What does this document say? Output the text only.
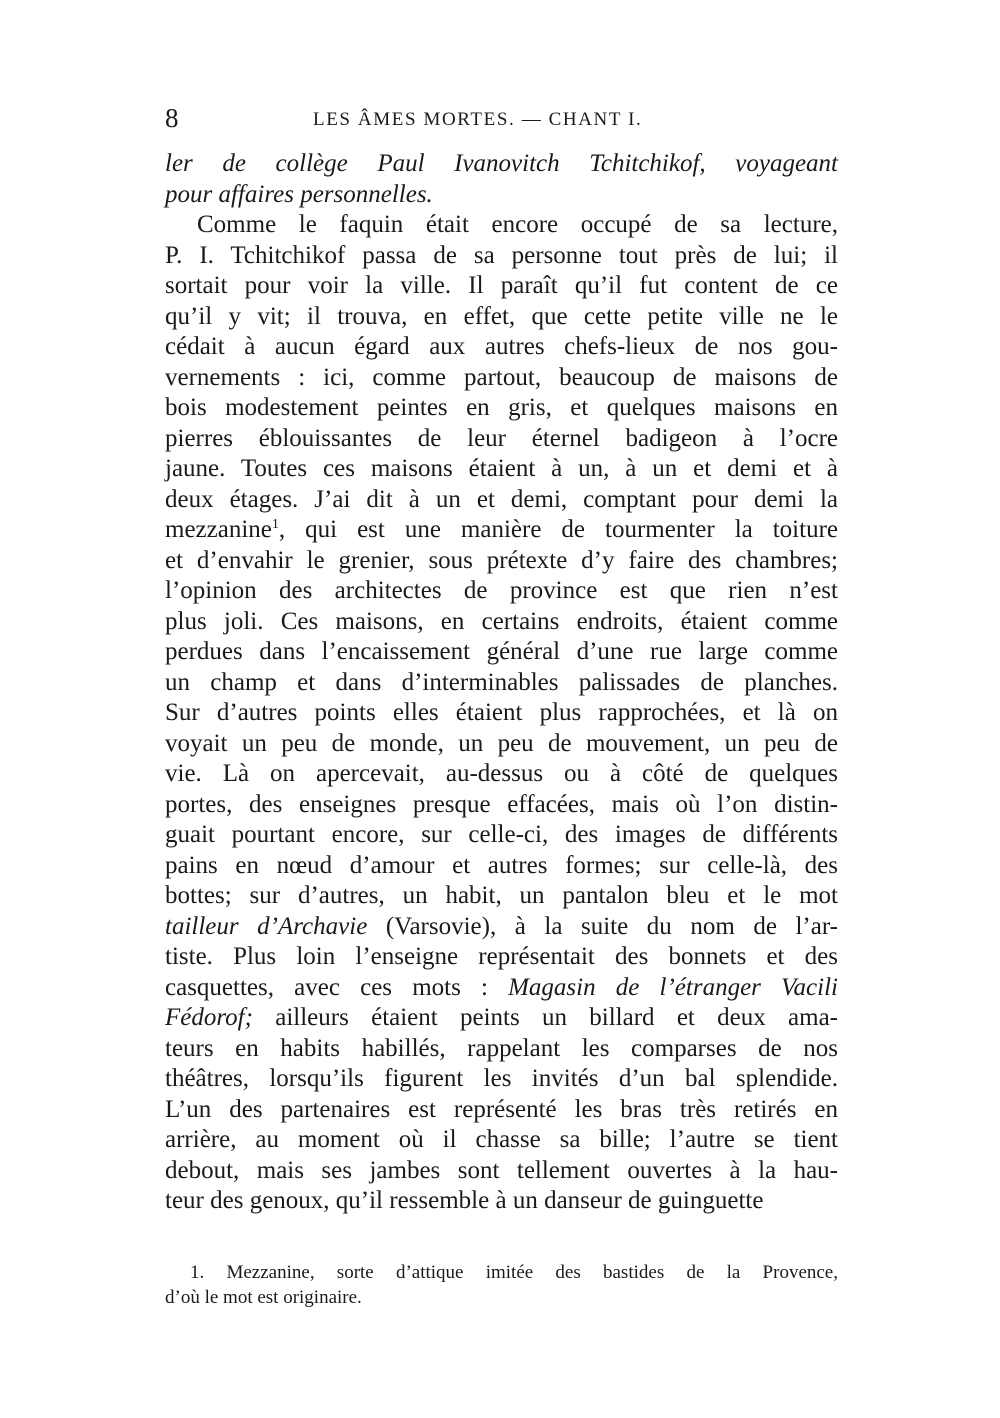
8	LES ÂMES MORTES. — CHANT I.
ler de collège Paul Ivanovitch Tchitchikof, voyageant
pour affaires personnelles.
Comme le faquin était encore occupé de sa lecture,
P. I. Tchitchikof passa de sa personne tout près de lui; il
sortait pour voir la ville. Il paraît qu’il fut content de ce
qu’il y vit; il trouva, en effet, que cette petite ville ne le
cédait à aucun égard aux autres chefs-lieux de nos gou-
vernements : ici, comme partout, beaucoup de maisons de
bois modestement peintes en gris, et quelques maisons en
pierres éblouissantes de leur éternel badigeon à l’ocre
jaune. Toutes ces maisons étaient à un, à un et demi et à
deux étages. J’ai dit à un et demi, comptant pour demi la
mezzanine$^1$, qui est une manière de tourmenter la toiture
et d’envahir le grenier, sous prétexte d’y faire des chambres;
l’opinion des architectes de province est que rien n’est
plus joli. Ces maisons, en certains endroits, étaient comme
perdues dans l’encaissement général d’une rue large comme
un champ et dans d’interminables palissades de planches.
Sur d’autres points elles étaient plus rapprochées, et là on
voyait un peu de monde, un peu de mouvement, un peu de
vie. Là on apercevait, au-dessus ou à côté de quelques
portes, des enseignes presque effacées, mais où l’on distin-
guait pourtant encore, sur celle-ci, des images de différents
pains en nœud d’amour et autres formes; sur celle-là, des
bottes; sur d’autres, un habit, un pantalon bleu et le mot
tailleur d’Archavie (Varsovie), à la suite du nom de l’ar-
tiste. Plus loin l’enseigne représentait des bonnets et des
casquettes, avec ces mots : Magasin de l’étranger Vacili
Fédorof; ailleurs étaient peints un billard et deux ama-
teurs en habits habillés, rappelant les comparses de nos
théâtres, lorsqu’ils figurent les invités d’un bal splendide.
L’un des partenaires est représenté les bras très retirés en
arrière, au moment où il chasse sa bille; l’autre se tient
debout, mais ses jambes sont tellement ouvertes à la hau-
teur des genoux, qu’il ressemble à un danseur de guinguette
1. Mezzanine, sorte d’attique imitée des bastides de la Provence,
d’où le mot est originaire.
